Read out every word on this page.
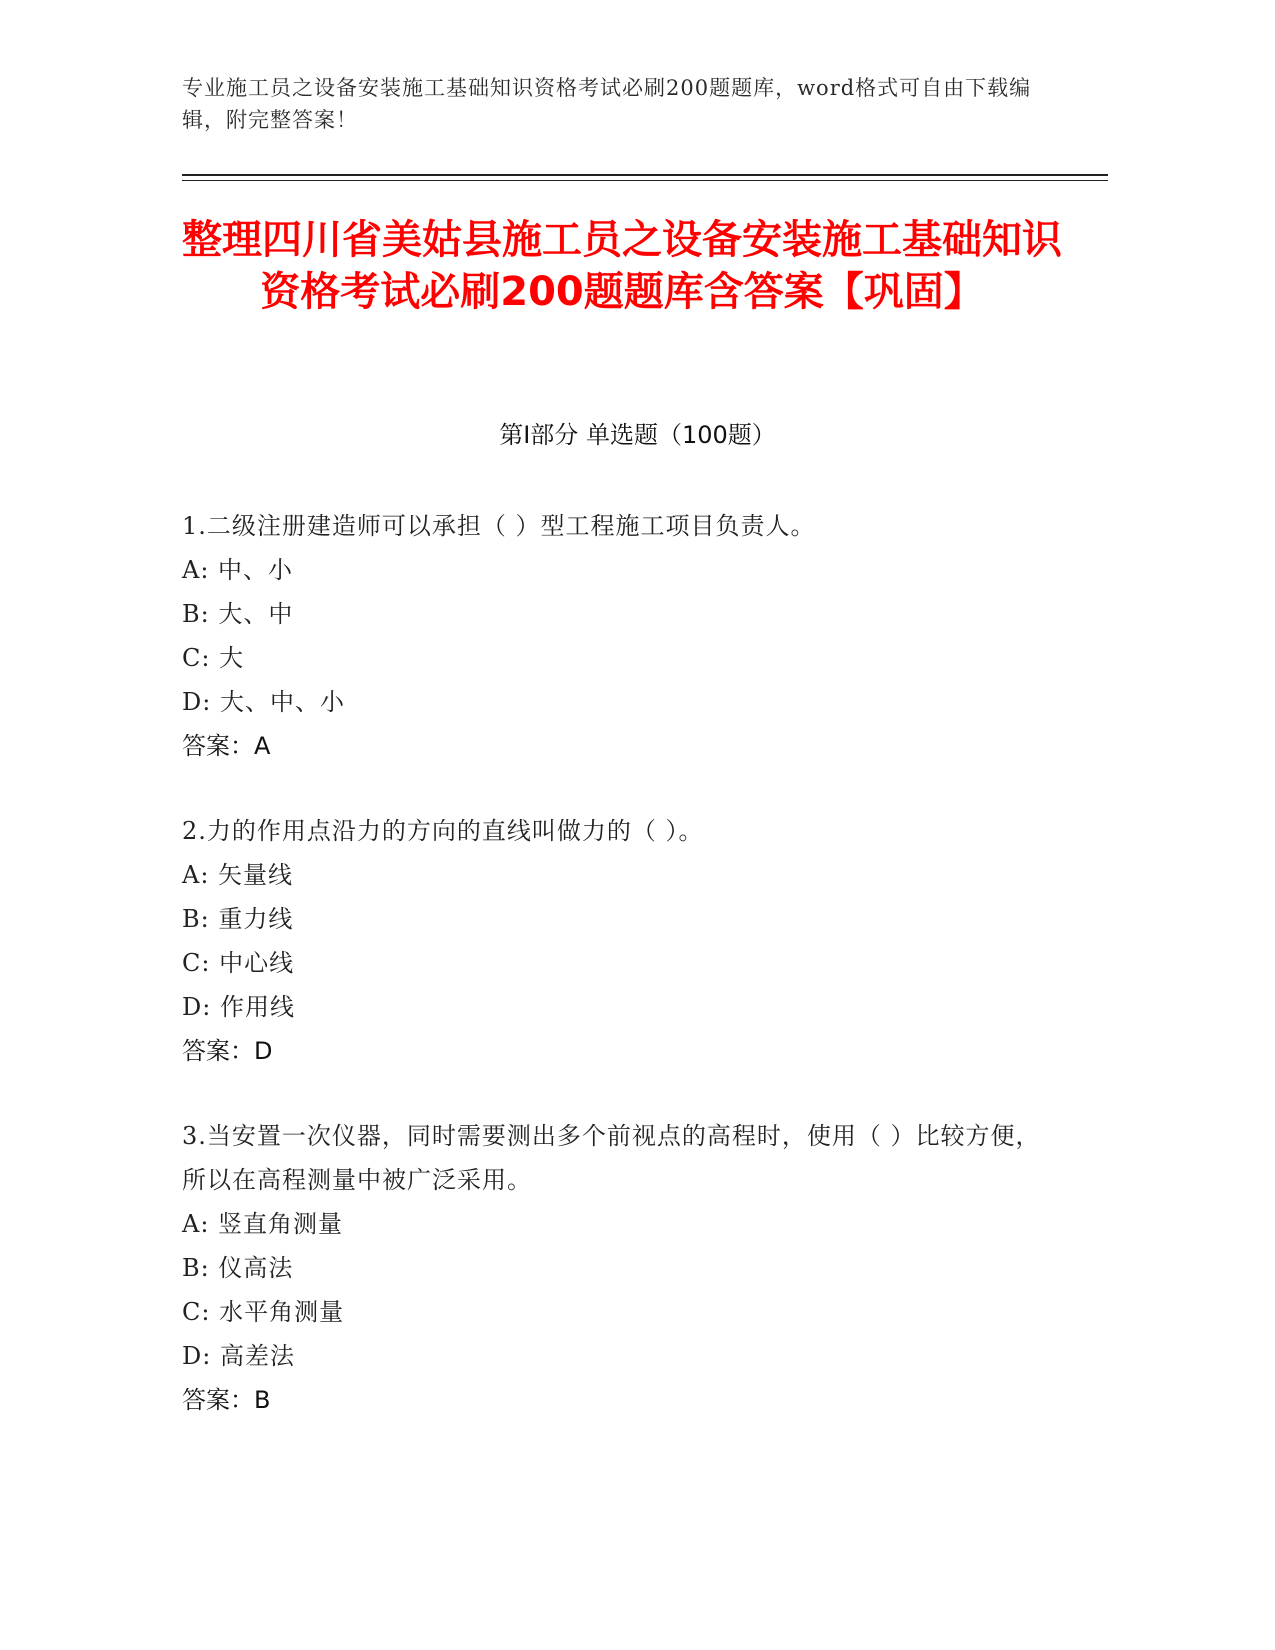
专业施工员之设备安装施工基础知识资格考试必刷200题题库，word格式可自由下载编辑，附完整答案！
整理四川省美姑县施工员之设备安装施工基础知识资格考试必刷200题题库含答案【巩固】
第Ⅰ部分 单选题（100题）
1.二级注册建造师可以承担（ ）型工程施工项目负责人。
A: 中、小
B: 大、中
C: 大
D: 大、中、小
答案：A
2.力的作用点沿力的方向的直线叫做力的（ ）。
A: 矢量线
B: 重力线
C: 中心线
D: 作用线
答案：D
3.当安置一次仪器，同时需要测出多个前视点的高程时，使用（ ）比较方便，所以在高程测量中被广泛采用。
A: 竖直角测量
B: 仪高法
C: 水平角测量
D: 高差法
答案：B
